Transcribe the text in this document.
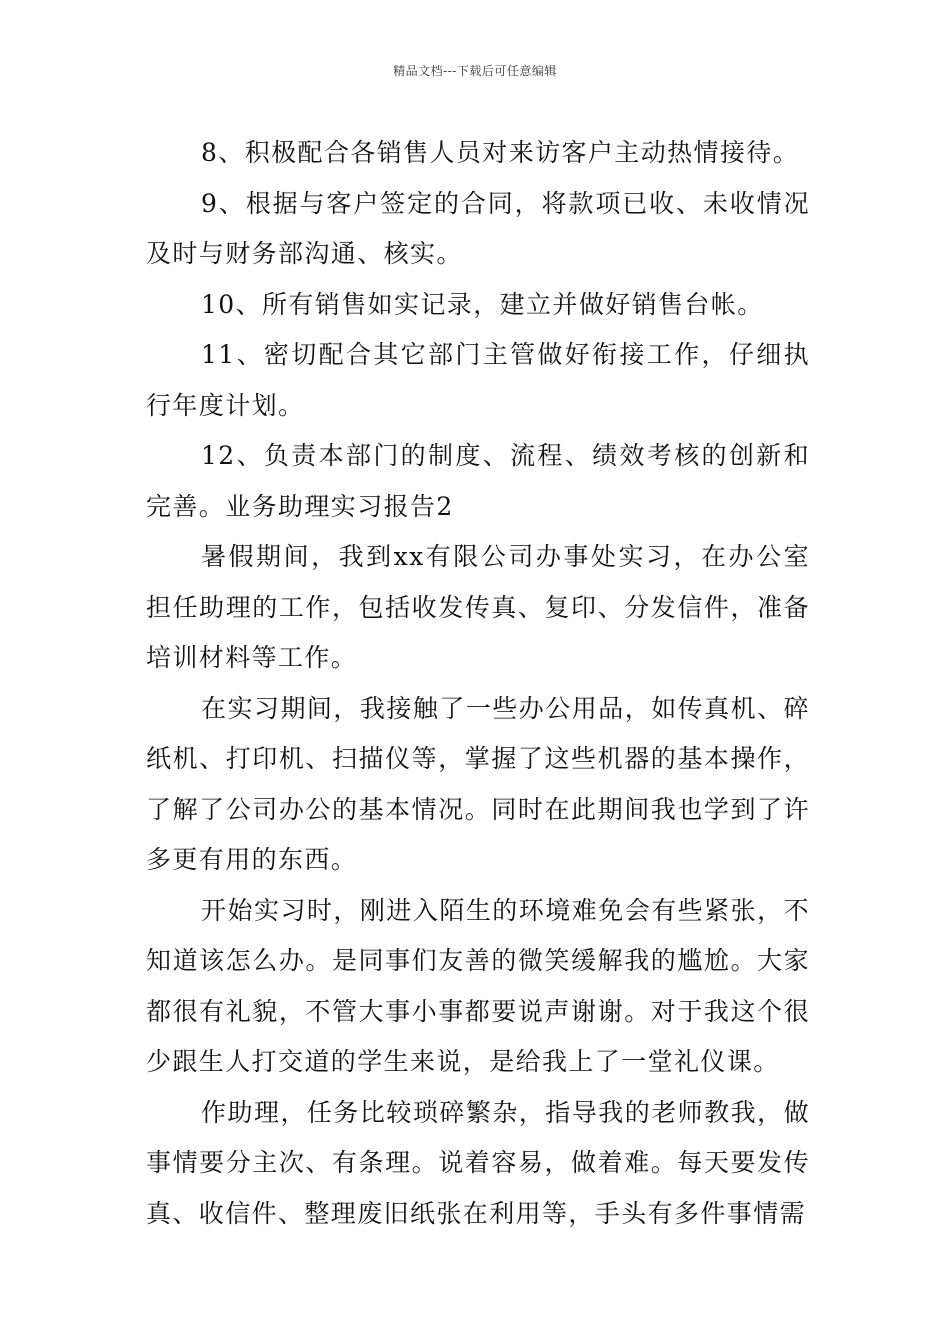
精品文档---下载后可任意编辑

8、积极配合各销售人员对来访客户主动热情接待。

9、根据与客户签定的合同，将款项已收、未收情况及时与财务部沟通、核实。

10、所有销售如实记录，建立并做好销售台帐。

11、密切配合其它部门主管做好衔接工作，仔细执行年度计划。

12、负责本部门的制度、流程、绩效考核的创新和完善。业务助理实习报告2

暑假期间，我到xx有限公司办事处实习，在办公室担任助理的工作，包括收发传真、复印、分发信件，准备培训材料等工作。

在实习期间，我接触了一些办公用品，如传真机、碎纸机、打印机、扫描仪等，掌握了这些机器的基本操作，了解了公司办公的基本情况。同时在此期间我也学到了许多更有用的东西。

开始实习时，刚进入陌生的环境难免会有些紧张，不知道该怎么办。是同事们友善的微笑缓解我的尴尬。大家都很有礼貌，不管大事小事都要说声谢谢。对于我这个很少跟生人打交道的学生来说，是给我上了一堂礼仪课。

作助理，任务比较琐碎繁杂，指导我的老师教我，做事情要分主次、有条理。说着容易，做着难。每天要发传真、收信件、整理废旧纸张在利用等，手头有多件事情需
